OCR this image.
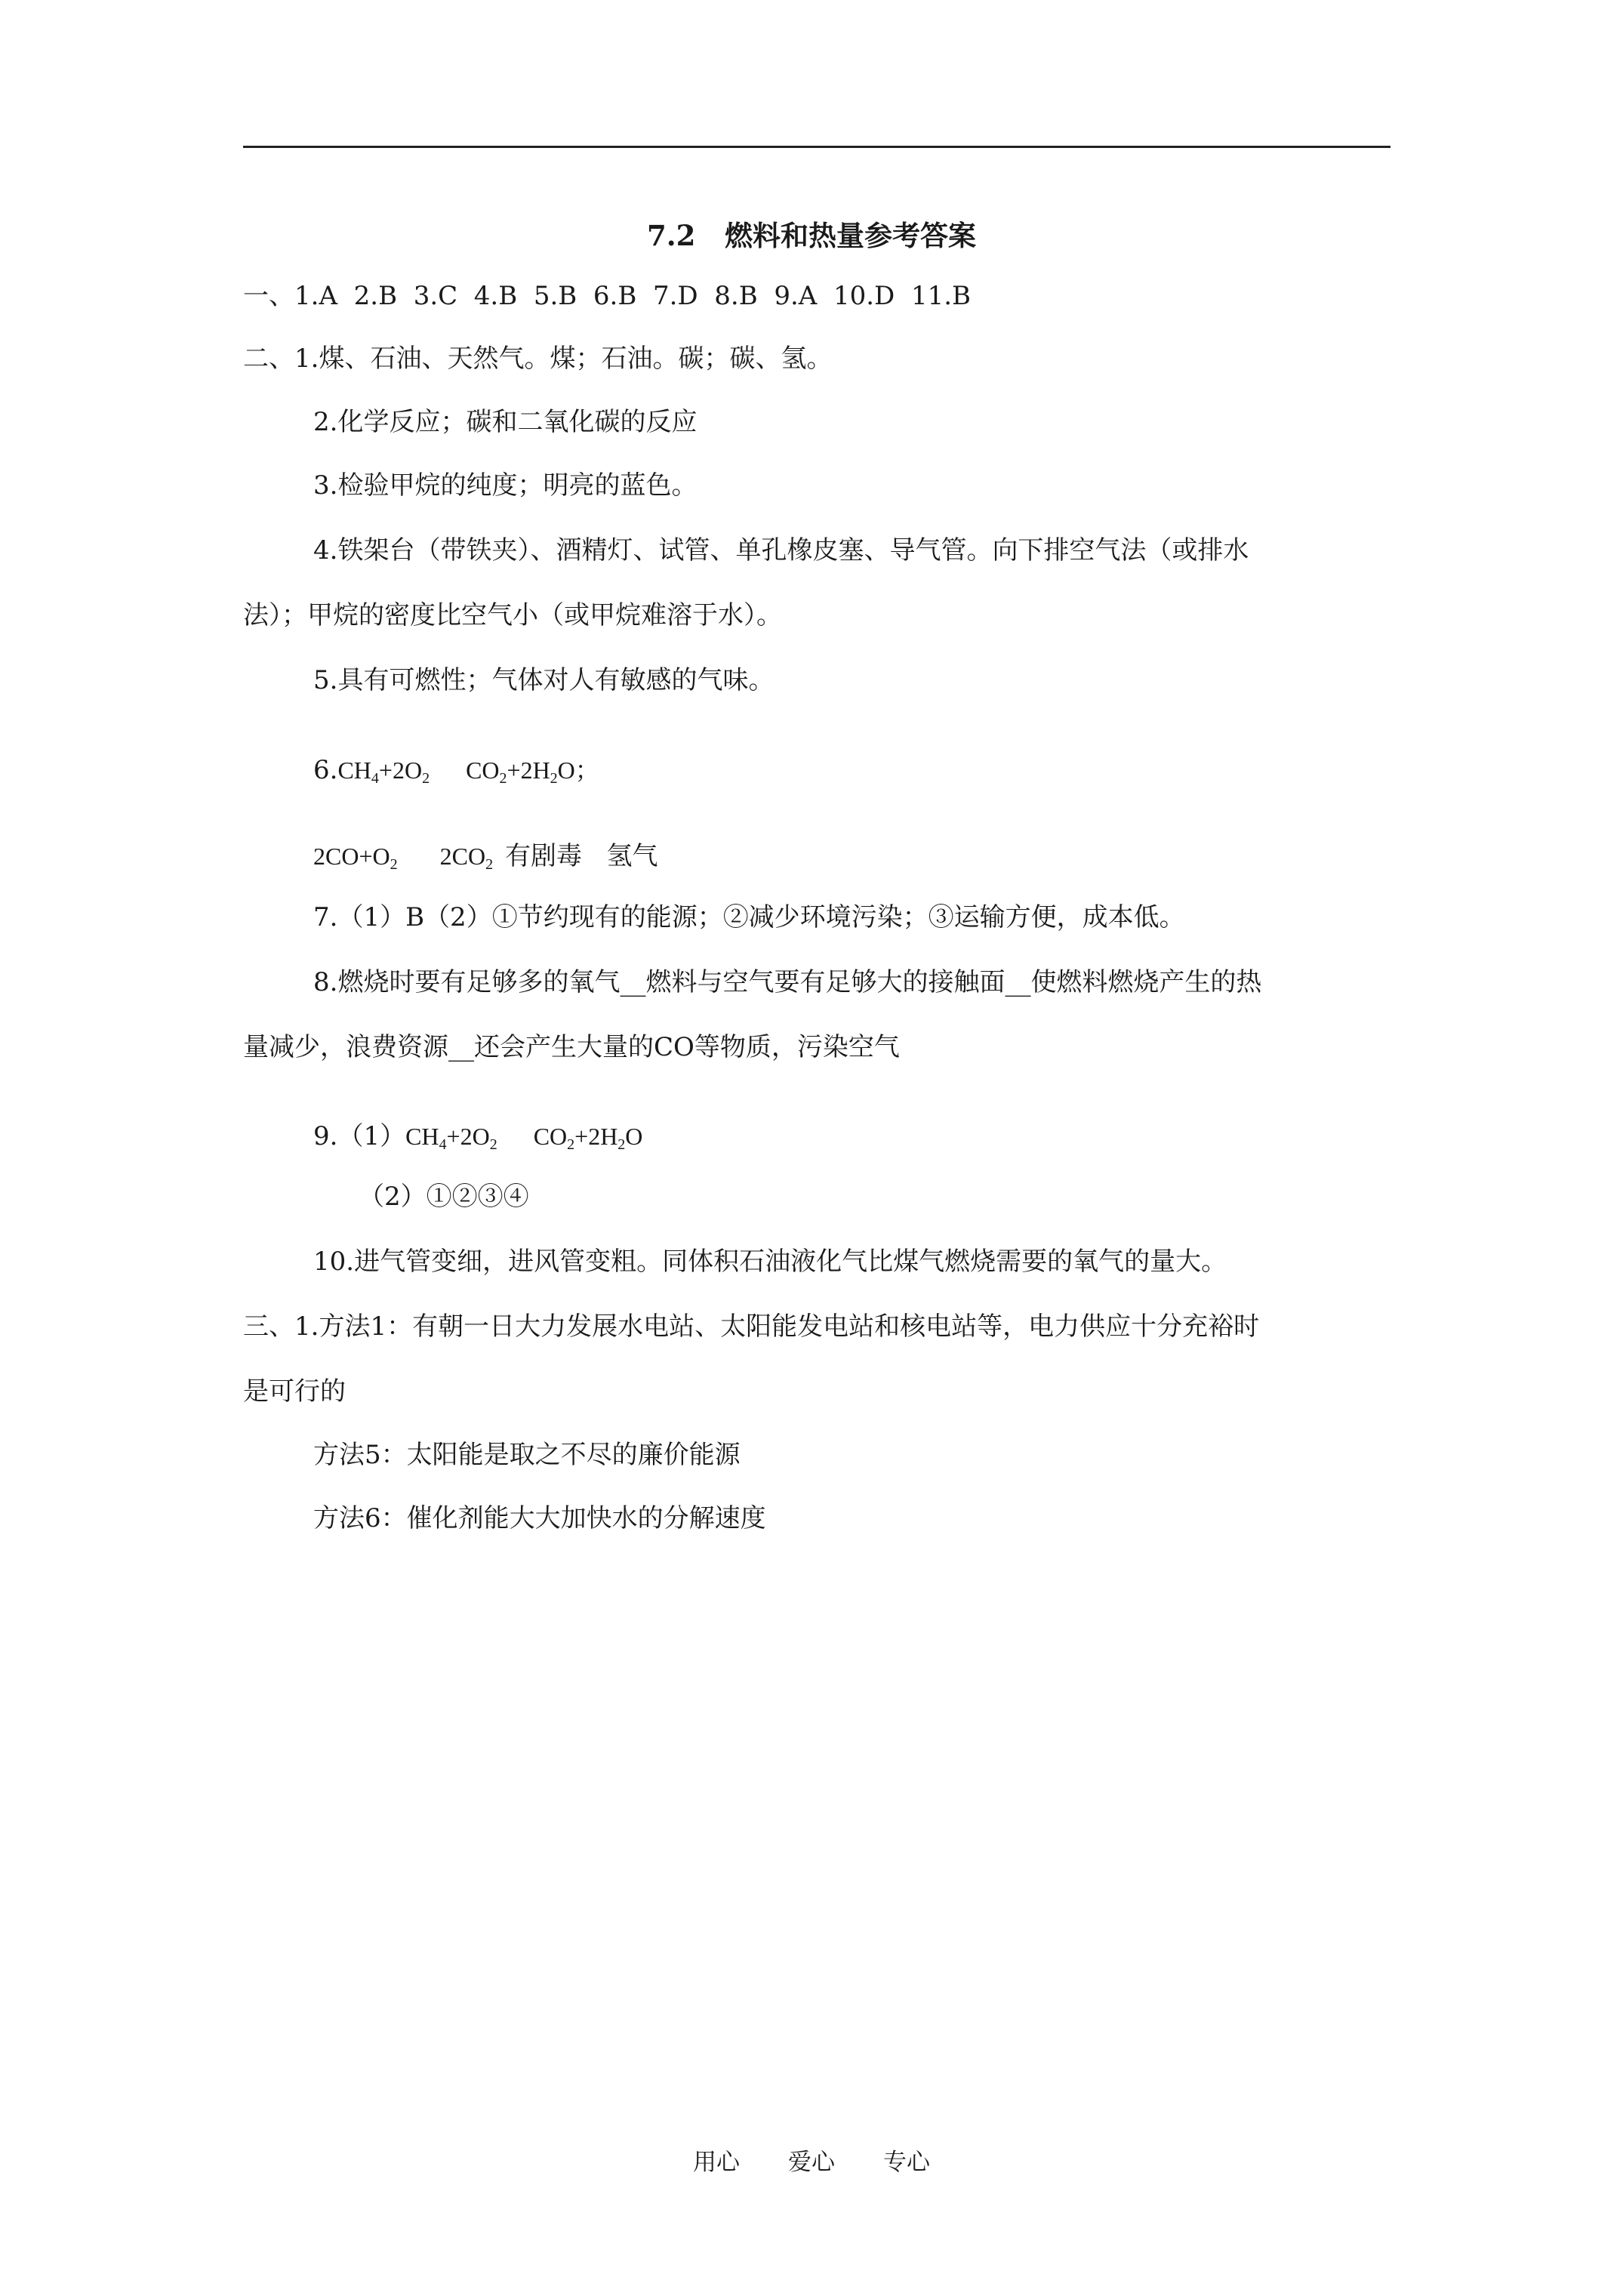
7.2   燃料和热量参考答案
一、1.A 2.B 3.C 4.B 5.B 6.B 7.D 8.B 9.A 10.D 11.B
二、1.煤、石油、天然气。煤；石油。碳；碳、氢。
2.化学反应；碳和二氧化碳的反应
3.检验甲烷的纯度；明亮的蓝色。
4.铁架台（带铁夹）、酒精灯、试管、单孔橡皮塞、导气管。向下排空气法（或排水
法）；甲烷的密度比空气小（或甲烷难溶于水）。
5.具有可燃性；气体对人有敏感的气味。
$6.CH_4+2O_2$ $CO_2+2H_2O$；
$2CO+O_2$ $2CO_2$ 有剧毒   氢气
7.（1）B（2）①节约现有的能源；②减少环境污染；③运输方便，成本低。
8.燃烧时要有足够多的氧气__燃料与空气要有足够大的接触面__使燃料燃烧产生的热
量减少，浪费资源__还会产生大量的CO等物质，污染空气
$9.(1)CH_4+2O_2$ $CO_2+2H_2O$
（2）①②③④
10.进气管变细，进风管变粗。同体积石油液化气比煤气燃烧需要的氧气的量大。
三、1.方法1：有朝一日大力发展水电站、太阳能发电站和核电站等，电力供应十分充裕时
是可行的
方法5：太阳能是取之不尽的廉价能源
方法6：催化剂能大大加快水的分解速度
用心 爱心 专心
